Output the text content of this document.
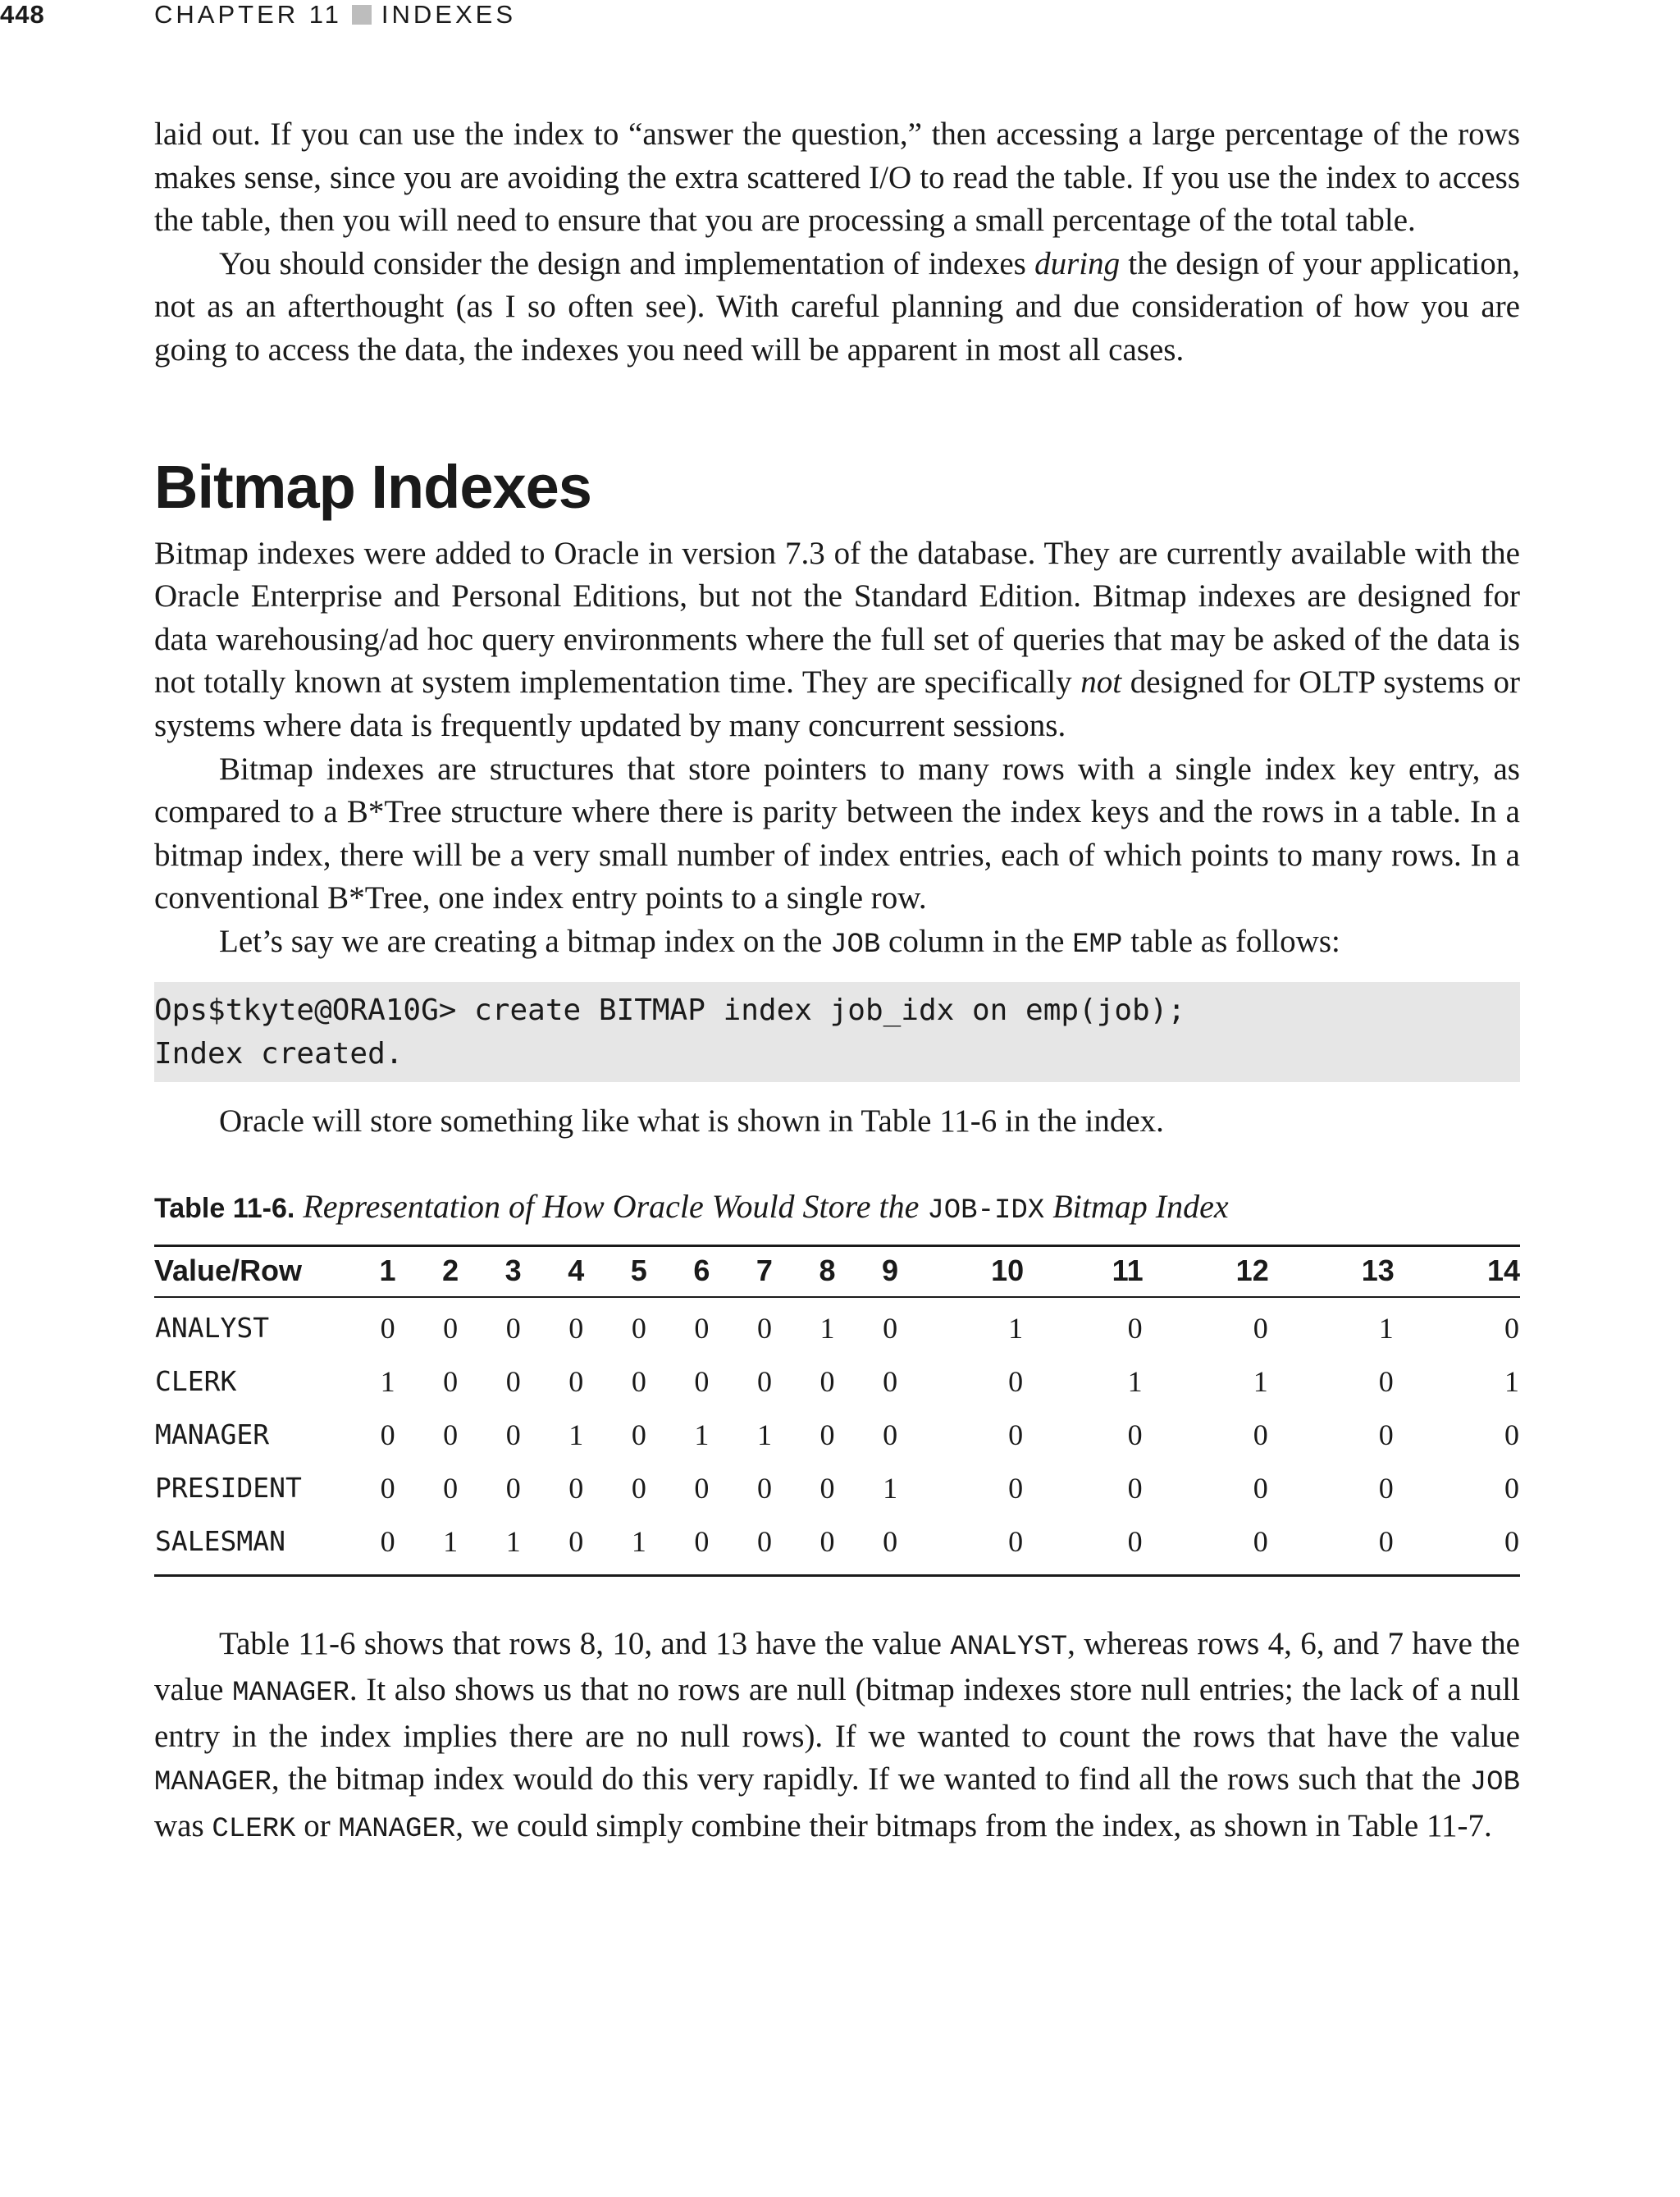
448	CHAPTER 11 INDEXES

laid out. If you can use the index to “answer the question,” then accessing a large percentage of the rows makes sense, since you are avoiding the extra scattered I/O to read the table. If you use the index to access the table, then you will need to ensure that you are processing a small percentage of the total table.

You should consider the design and implementation of indexes during the design of your application, not as an afterthought (as I so often see). With careful planning and due consideration of how you are going to access the data, the indexes you need will be apparent in most all cases.

Bitmap Indexes

Bitmap indexes were added to Oracle in version 7.3 of the database. They are currently available with the Oracle Enterprise and Personal Editions, but not the Standard Edition. Bitmap indexes are designed for data warehousing/ad hoc query environments where the full set of queries that may be asked of the data is not totally known at system implementation time. They are specifically not designed for OLTP systems or systems where data is frequently updated by many concurrent sessions.

Bitmap indexes are structures that store pointers to many rows with a single index key entry, as compared to a B*Tree structure where there is parity between the index keys and the rows in a table. In a bitmap index, there will be a very small number of index entries, each of which points to many rows. In a conventional B*Tree, one index entry points to a single row.

Let’s say we are creating a bitmap index on the JOB column in the EMP table as follows:

Ops$tkyte@ORA10G> create BITMAP index job_idx on emp(job);
Index created.

Oracle will store something like what is shown in Table 11-6 in the index.

Table 11-6. Representation of How Oracle Would Store the JOB-IDX Bitmap Index
Value/Row	1	2	3	4	5	6	7	8	9	10	11	12	13	14
ANALYST	0	0	0	0	0	0	0	1	0	1	0	0	1	0
CLERK	1	0	0	0	0	0	0	0	0	0	1	1	0	1
MANAGER	0	0	0	1	0	1	1	0	0	0	0	0	0	0
PRESIDENT	0	0	0	0	0	0	0	0	1	0	0	0	0	0
SALESMAN	0	1	1	0	1	0	0	0	0	0	0	0	0	0

Table 11-6 shows that rows 8, 10, and 13 have the value ANALYST, whereas rows 4, 6, and 7 have the value MANAGER. It also shows us that no rows are null (bitmap indexes store null entries; the lack of a null entry in the index implies there are no null rows). If we wanted to count the rows that have the value MANAGER, the bitmap index would do this very rapidly. If we wanted to find all the rows such that the JOB was CLERK or MANAGER, we could simply combine their bitmaps from the index, as shown in Table 11-7.
